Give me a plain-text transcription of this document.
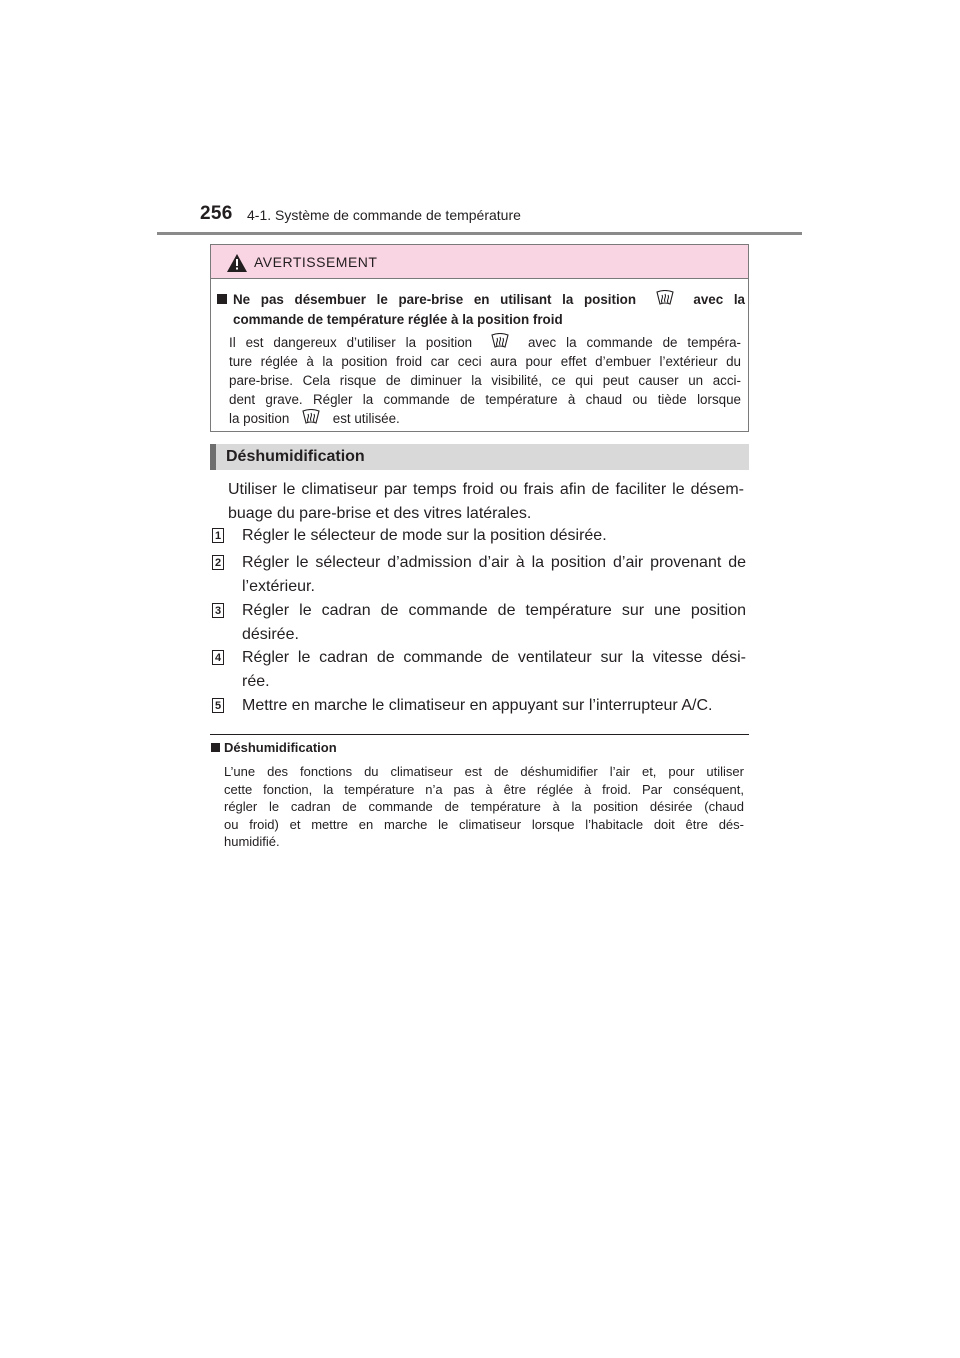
256 4-1. Système de commande de température
AVERTISSEMENT
Ne pas désembuer le pare-brise en utilisant la position	avec la
commande de température réglée à la position froid
Il est dangereux d’utiliser la position	avec la commande de tempéra-
ture réglée à la position froid car ceci aura pour effet d’embuer l’extérieur du
pare-brise. Cela risque de diminuer la visibilité, ce qui peut causer un acci-
dent grave. Régler la commande de température à chaud ou tiède lorsque
la position	est utilisée.
Déshumidification
Utiliser le climatiseur par temps froid ou frais afin de faciliter le désem-
buage du pare-brise et des vitres latérales.
1 Régler le sélecteur de mode sur la position désirée.
2 Régler le sélecteur d’admission d’air à la position d’air provenant de
l’extérieur.
3 Régler le cadran de commande de température sur une position
désirée.
4 Régler le cadran de commande de ventilateur sur la vitesse dési-
rée.
5 Mettre en marche le climatiseur en appuyant sur l’interrupteur A/C.
Déshumidification
L’une des fonctions du climatiseur est de déshumidifier l’air et, pour utiliser
cette fonction, la température n’a pas à être réglée à froid. Par conséquent,
régler le cadran de commande de température à la position désirée (chaud
ou froid) et mettre en marche le climatiseur lorsque l’habitacle doit être dés-
humidifié.
